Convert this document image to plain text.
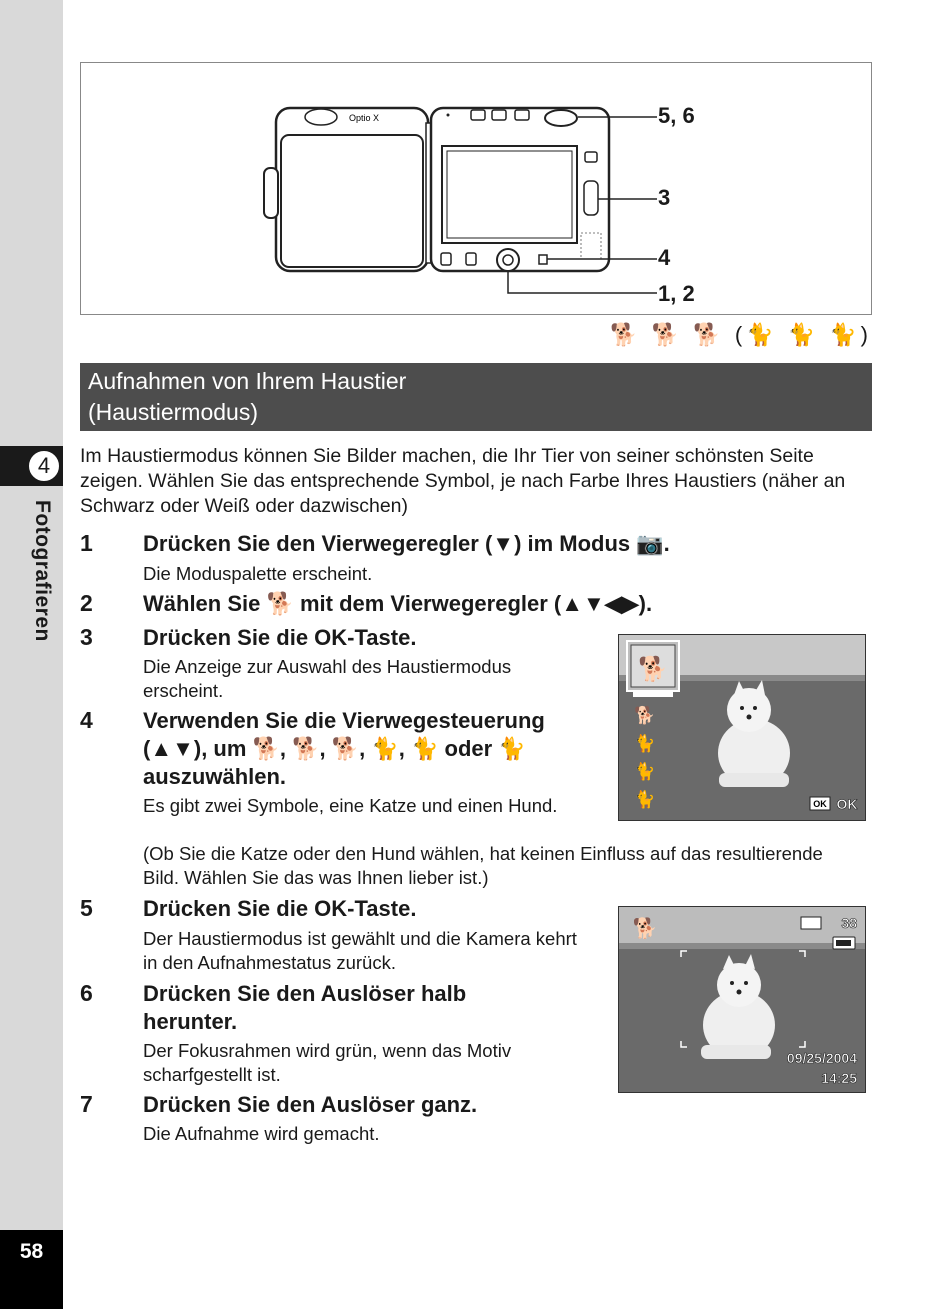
4
Fotografieren
58
Optio X	5, 6
3
4
1, 2
🐕 🐕 🐕 (🐈 🐈 🐈)
Aufnahmen von Ihrem Haustier
(Haustiermodus)
Im Haustiermodus können Sie Bilder machen, die Ihr Tier von seiner schönsten Seite zeigen. Wählen Sie das entsprechende Symbol, je nach Farbe Ihres Haustiers (näher an Schwarz oder Weiß oder dazwischen)
1 Drücken Sie den Vierwegeregler (▼) im Modus 📷.
Die Moduspalette erscheint.
2 Wählen Sie 🐕 mit dem Vierwegeregler (▲▼◀▶).
3 Drücken Sie die OK-Taste.
Die Anzeige zur Auswahl des Haustiermodus erscheint.
4 Verwenden Sie die Vierwegesteuerung (▲▼), um 🐕, 🐕, 🐕, 🐈, 🐈 oder 🐈 auszuwählen.
Es gibt zwei Symbole, eine Katze und einen Hund.
(Ob Sie die Katze oder den Hund wählen, hat keinen Einfluss auf das resultierende Bild. Wählen Sie das was Ihnen lieber ist.)
5 Drücken Sie die OK-Taste.
Der Haustiermodus ist gewählt und die Kamera kehrt in den Aufnahmestatus zurück.
6 Drücken Sie den Auslöser halb herunter.
Der Fokusrahmen wird grün, wenn das Motiv scharfgestellt ist.
7 Drücken Sie den Auslöser ganz.
Die Aufnahme wird gemacht.
🐕
🐕
🐈
🐈
🐈	OK OK
🐕	38
09/25/2004
14:25
